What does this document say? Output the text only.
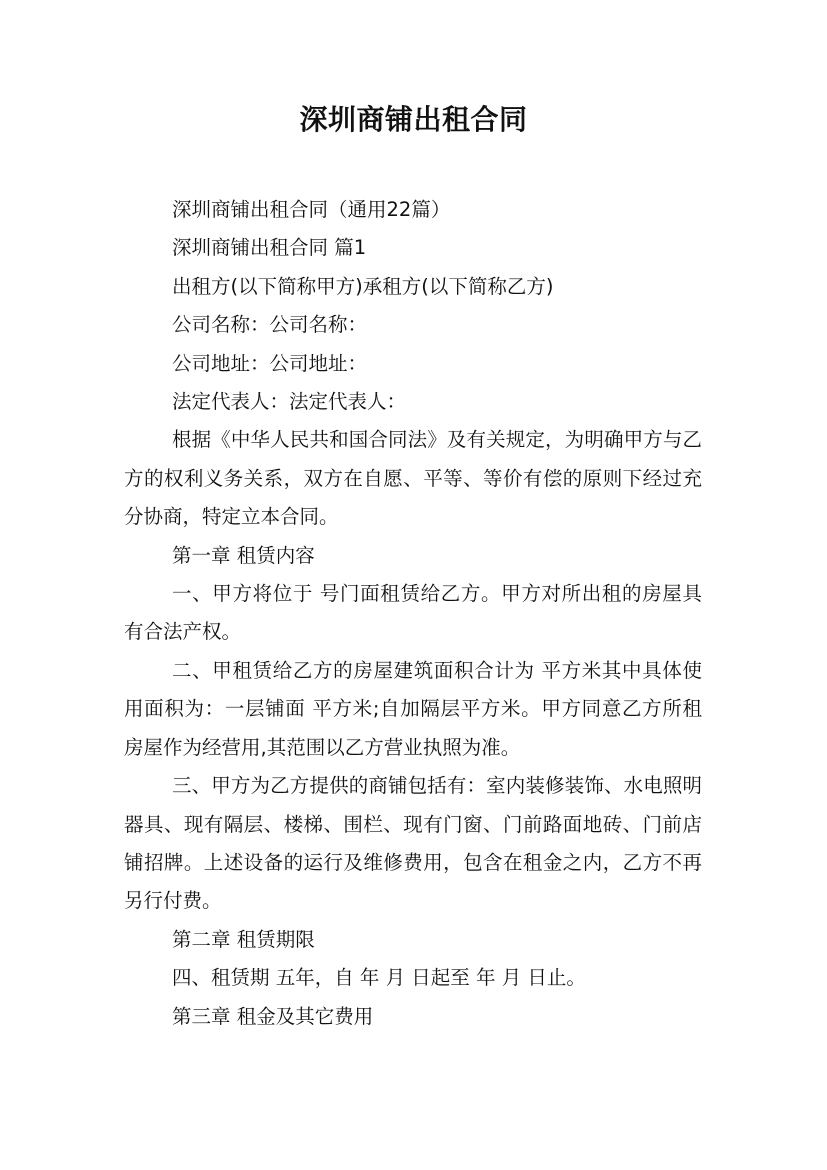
深圳商铺出租合同

深圳商铺出租合同（通用22篇）

深圳商铺出租合同 篇1

出租方(以下简称甲方)承租方(以下简称乙方)

公司名称：公司名称：

公司地址：公司地址：

法定代表人：法定代表人：

根据《中华人民共和国合同法》及有关规定，为明确甲方与乙方的权利义务关系，双方在自愿、平等、等价有偿的原则下经过充分协商，特定立本合同。

第一章 租赁内容

一、甲方将位于 号门面租赁给乙方。甲方对所出租的房屋具有合法产权。

二、甲租赁给乙方的房屋建筑面积合计为 平方米其中具体使用面积为：一层铺面 平方米;自加隔层平方米。甲方同意乙方所租房屋作为经营用,其范围以乙方营业执照为准。

三、甲方为乙方提供的商铺包括有：室内装修装饰、水电照明器具、现有隔层、楼梯、围栏、现有门窗、门前路面地砖、门前店铺招牌。上述设备的运行及维修费用，包含在租金之内，乙方不再另行付费。

第二章 租赁期限

四、租赁期 五年，自 年 月 日起至 年 月 日止。

第三章 租金及其它费用
